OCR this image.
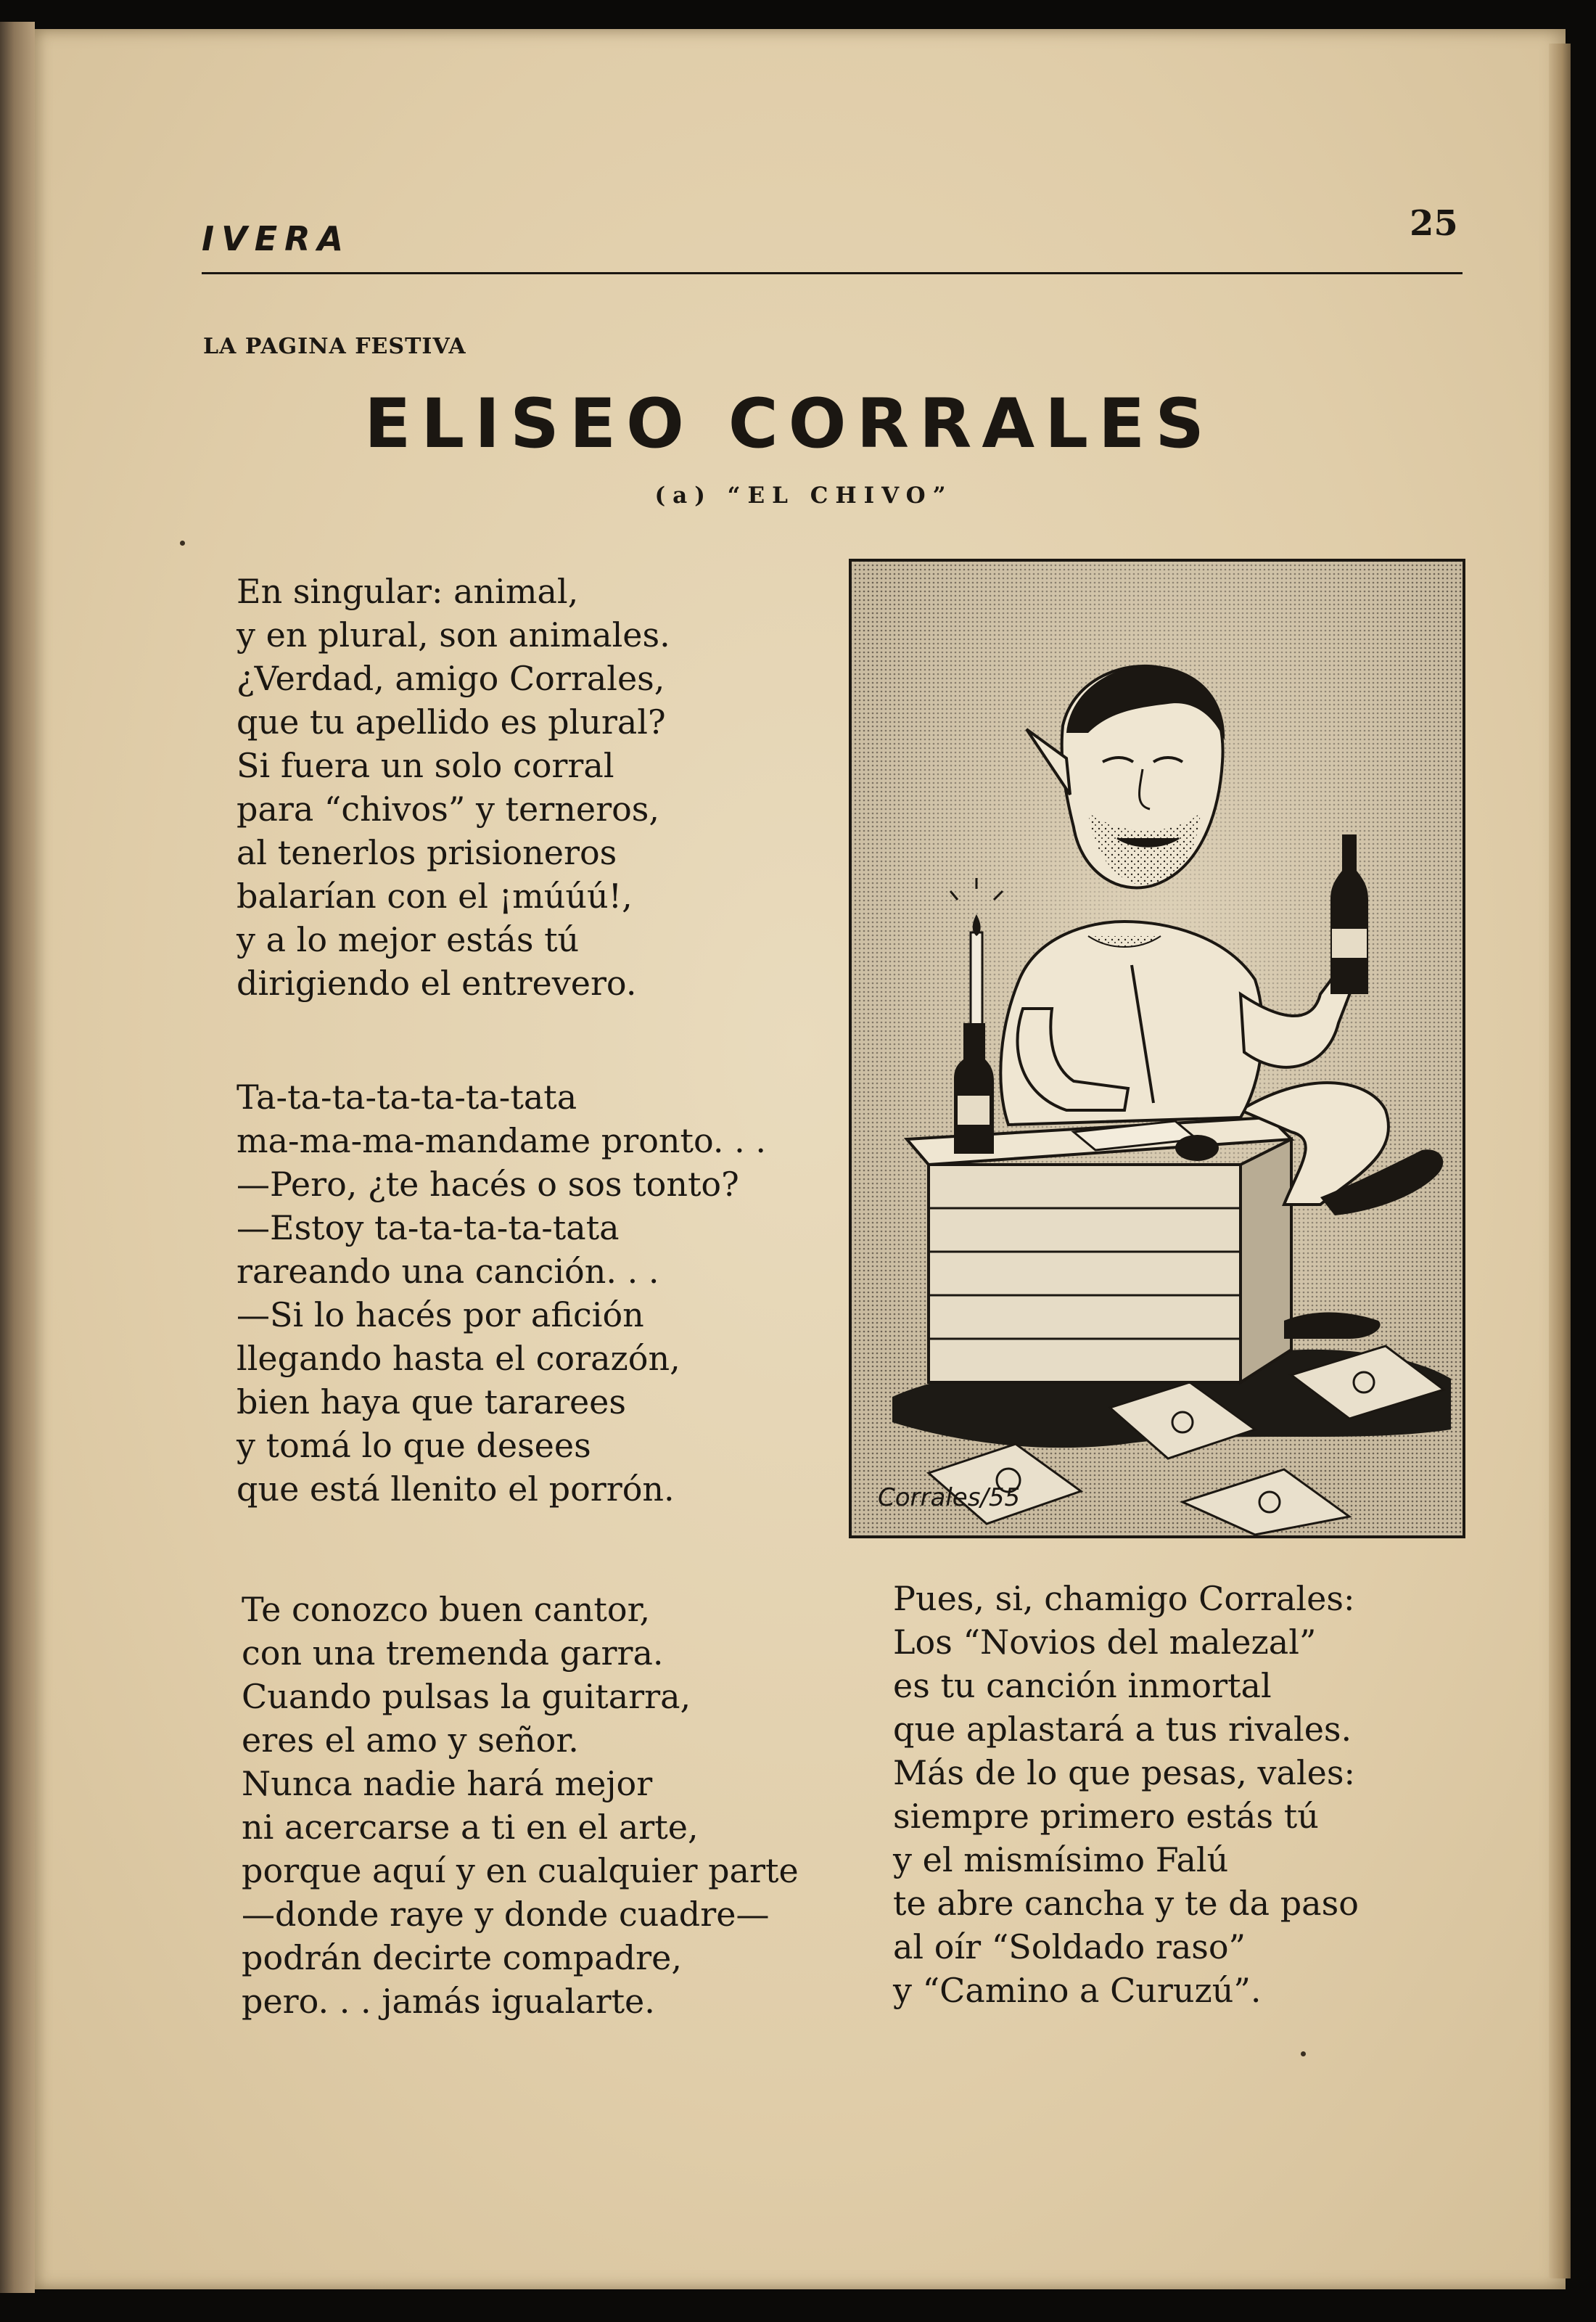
IVERA	25

LA PAGINA FESTIVA

ELISEO CORRALES

(a) “EL CHIVO”

En singular: animal,
y en plural, son animales.
¿Verdad, amigo Corrales,
que tu apellido es plural?
Si fuera un solo corral
para “chivos” y terneros,
al tenerlos prisioneros
balarían con el ¡múúú!,
y a lo mejor estás tú
dirigiendo el entrevero.
Ta-ta-ta-ta-ta-ta-tata
ma-ma-ma-mandame pronto. . .
—Pero, ¿te hacés o sos tonto?
—Estoy ta-ta-ta-ta-tata
rareando una canción. . .
—Si lo hacés por afición
llegando hasta el corazón,
bien haya que tararees
y tomá lo que desees
que está llenito el porrón.
Te conozco buen cantor,
con una tremenda garra.
Cuando pulsas la guitarra,
eres el amo y señor.
Nunca nadie hará mejor
ni acercarse a ti en el arte,
porque aquí y en cualquier parte
—donde raye y donde cuadre—
podrán decirte compadre,
pero. . . jamás igualarte.
Pues, si, chamigo Corrales:
Los “Novios del malezal”
es tu canción inmortal
que aplastará a tus rivales.
Más de lo que pesas, vales:
siempre primero estás tú
y el mismísimo Falú
te abre cancha y te da paso
al oír “Soldado raso”
y “Camino a Curuzú”.
Corrales/55
